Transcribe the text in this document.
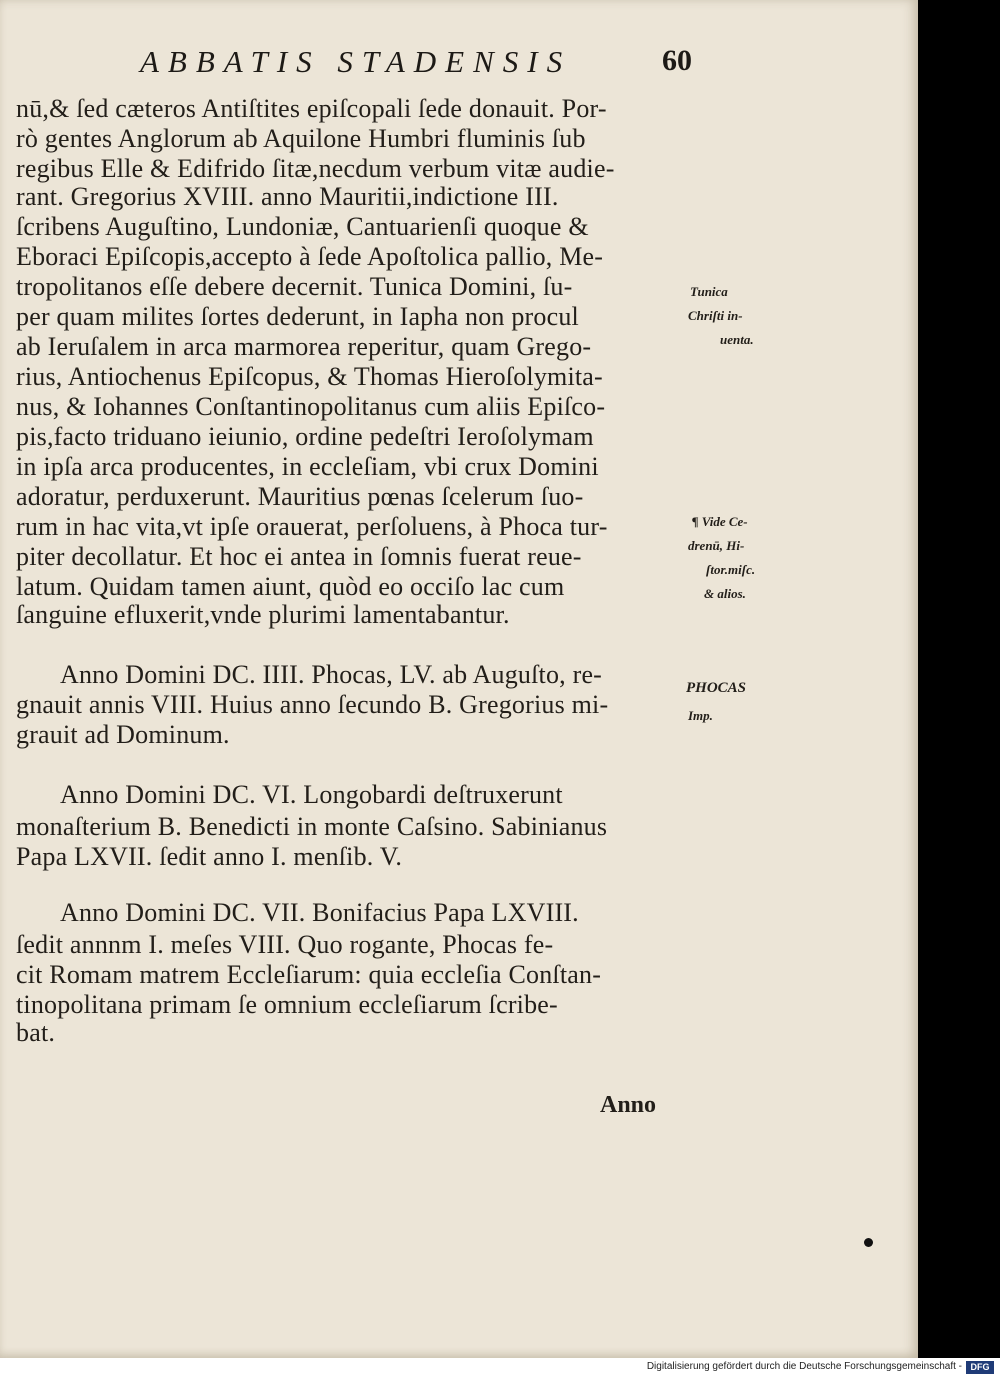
ABBATIS STADENSIS	60
nū,& ſed cæteros Antiſtites epiſcopali ſede donauit. Por-
rò gentes Anglorum ab Aquilone Humbri fluminis ſub
regibus Elle & Edifrido ſitæ,necdum verbum vitæ audie-
rant. Gregorius XVIII. anno Mauritii,indictione III.
ſcribens Auguſtino, Lundoniæ, Cantuarienſi quoque &
Eboraci Epiſcopis,accepto à ſede Apoſtolica pallio, Me-
tropolitanos eſſe debere decernit. Tunica Domini, ſu-
per quam milites ſortes dederunt, in Iapha non procul
ab Ieruſalem in arca marmorea reperitur, quam Grego-
rius, Antiochenus Epiſcopus, & Thomas Hieroſolymita-
nus, & Iohannes Conſtantinopolitanus cum aliis Epiſco-
pis,facto triduano ieiunio, ordine pedeſtri Ieroſolymam
in ipſa arca producentes, in eccleſiam, vbi crux Domini
adoratur, perduxerunt. Mauritius pœnas ſcelerum ſuo-
rum in hac vita,vt ipſe orauerat, perſoluens, à Phoca tur-
piter decollatur. Et hoc ei antea in ſomnis fuerat reue-
latum. Quidam tamen aiunt, quòd eo occiſo lac cum
ſanguine efluxerit,vnde plurimi lamentabantur.
Anno Domini DC. IIII. Phocas, LV. ab Auguſto, re-
gnauit annis VIII. Huius anno ſecundo B. Gregorius mi-
grauit ad Dominum.
Anno Domini DC. VI. Longobardi deſtruxerunt
monaſterium B. Benedicti in monte Caſsino. Sabinianus
Papa LXVII. ſedit anno I. menſib. V.
Anno Domini DC. VII. Bonifacius Papa LXVIII.
ſedit annnm I. meſes VIII. Quo rogante, Phocas fe-
cit Romam matrem Eccleſiarum: quia eccleſia Conſtan-
tinopolitana primam ſe omnium eccleſiarum ſcribe-
bat.
Tunica
Chriſti in-
uenta.
¶ Vide Ce-
drenū, Hi-
ſtor.miſc.
& alios.
PHOCAS
Imp.
Anno
Digitalisierung gefördert durch die Deutsche Forschungsgemeinschaft - DFG
